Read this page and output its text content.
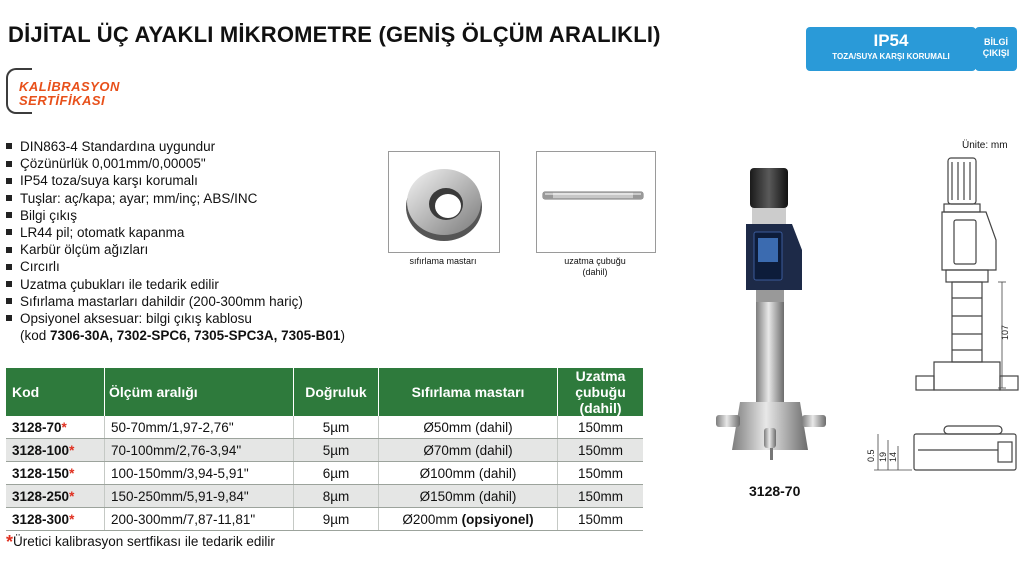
DİJİTAL ÜÇ AYAKLI MİKROMETRE (GENİŞ ÖLÇÜM ARALIKLI)	IP54
TOZA/SUYA KARŞI KORUMALI
BİLGİ
ÇIKIŞI
KALİBRASYON
SERTİFİKASI
DIN863-4 Standardına uygundur
Çözünürlük 0,001mm/0,00005"
IP54 toza/suya karşı korumalı
Tuşlar: aç/kapa; ayar; mm/inç; ABS/INC
Bilgi çıkış
LR44 pil; otomatk kapanma
Karbür ölçüm ağızları
Cırcırlı
Uzatma çubukları ile tedarik edilir
Sıfırlama mastarları dahildir (200-300mm hariç)
Opsiyonel aksesuar: bilgi çıkış kablosu
(kod 7306-30A, 7302-SPC6, 7305-SPC3A, 7305-B01)
sıfırlama mastarı	uzatma çubuğu
(dahil)
3128-70
Ünite: mm
107
0.5 19 14
Kod	Ölçüm aralığı	Doğruluk	Sıfırlama mastarı	Uzatma çubuğu (dahil)
3128-70*	50-70mm/1,97-2,76"	5µm	Ø50mm (dahil)	150mm
3128-100*	70-100mm/2,76-3,94"	5µm	Ø70mm (dahil)	150mm
3128-150*	100-150mm/3,94-5,91"	6µm	Ø100mm (dahil)	150mm
3128-250*	150-250mm/5,91-9,84"	8µm	Ø150mm (dahil)	150mm
3128-300*	200-300mm/7,87-11,81"	9µm	Ø200mm (opsiyonel)	150mm
*Üretici kalibrasyon sertfikası ile tedarik edilir
